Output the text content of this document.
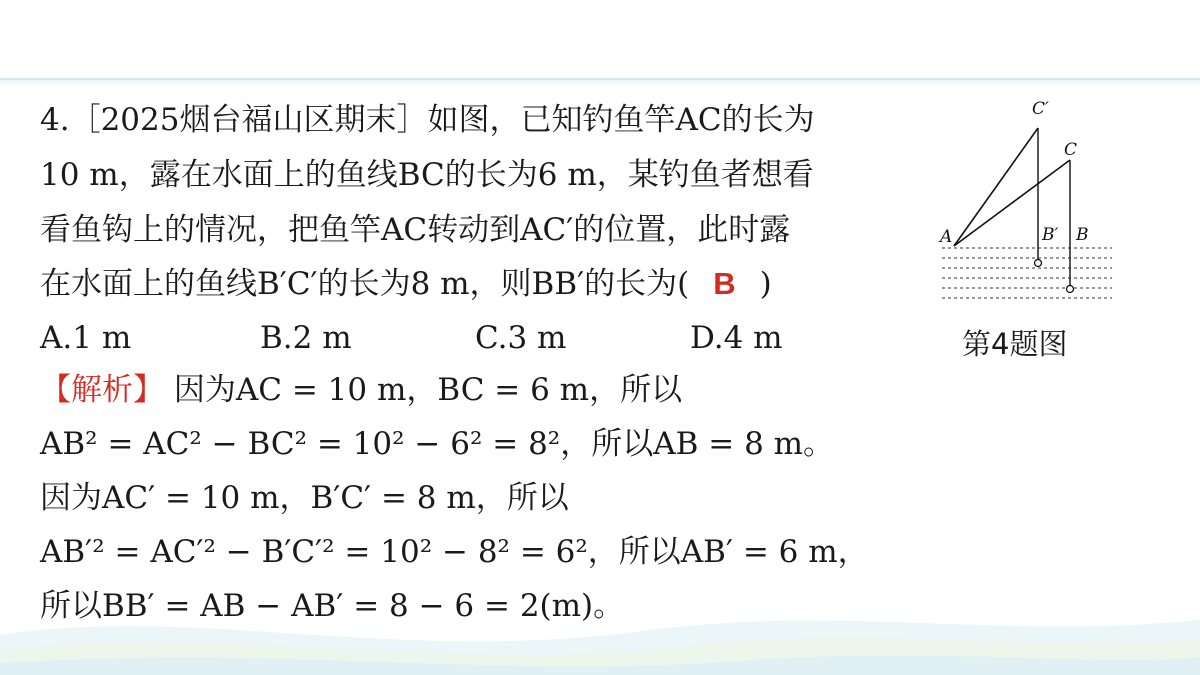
4.［2025烟台福山区期末］如图，已知钓鱼竿AC的长为
10 m，露在水面上的鱼线BC的长为6 m，某钓鱼者想看
看鱼钩上的情况，把鱼竿AC转动到AC′的位置，此时露
在水面上的鱼线B′C′的长为8 m，则BB′的长为( B )
A.1 m	B.2 m	C.3 m	D.4 m
【解析】 因为AC = 10 m，BC = 6 m，所以
AB² = AC² − BC² = 10² − 6² = 8²，所以AB = 8 m。
因为AC′ = 10 m，B′C′ = 8 m，所以
AB′² = AC′² − B′C′² = 10² − 8² = 6²，所以AB′ = 6 m，
所以BB′ = AB − AB′ = 8 − 6 = 2(m)。
C′
C
A	B′ B
第4题图
